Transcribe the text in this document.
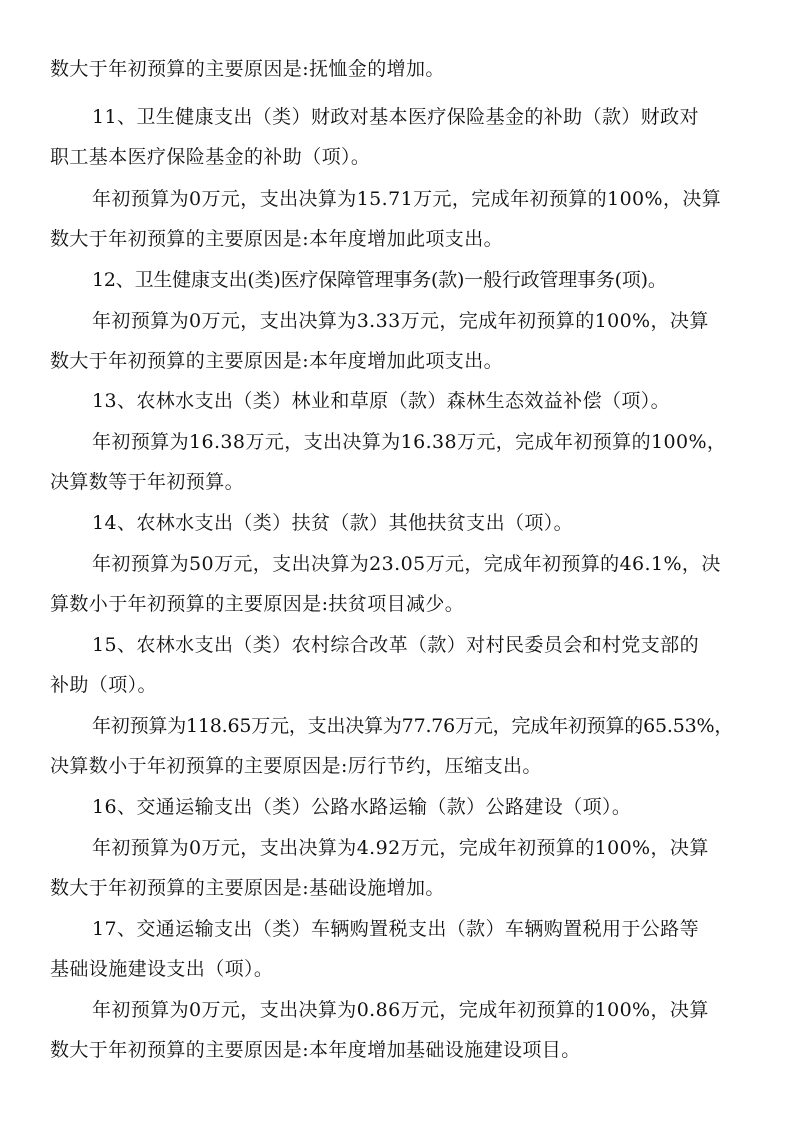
数大于年初预算的主要原因是:抚恤金的增加。
11、卫生健康支出（类）财政对基本医疗保险基金的补助（款）财政对
职工基本医疗保险基金的补助（项）。
年初预算为0万元，支出决算为15.71万元，完成年初预算的100%，决算
数大于年初预算的主要原因是:本年度增加此项支出。
12、卫生健康支出(类)医疗保障管理事务(款)一般行政管理事务(项)。
年初预算为0万元，支出决算为3.33万元，完成年初预算的100%，决算
数大于年初预算的主要原因是:本年度增加此项支出。
13、农林水支出（类）林业和草原（款）森林生态效益补偿（项）。
年初预算为16.38万元，支出决算为16.38万元，完成年初预算的100%，
决算数等于年初预算。
14、农林水支出（类）扶贫（款）其他扶贫支出（项）。
年初预算为50万元，支出决算为23.05万元，完成年初预算的46.1%，决
算数小于年初预算的主要原因是:扶贫项目减少。
15、农林水支出（类）农村综合改革（款）对村民委员会和村党支部的
补助（项）。
年初预算为118.65万元，支出决算为77.76万元，完成年初预算的65.53%，
决算数小于年初预算的主要原因是:厉行节约，压缩支出。
16、交通运输支出（类）公路水路运输（款）公路建设（项）。
年初预算为0万元，支出决算为4.92万元，完成年初预算的100%，决算
数大于年初预算的主要原因是:基础设施增加。
17、交通运输支出（类）车辆购置税支出（款）车辆购置税用于公路等
基础设施建设支出（项）。
年初预算为0万元，支出决算为0.86万元，完成年初预算的100%，决算
数大于年初预算的主要原因是:本年度增加基础设施建设项目。
